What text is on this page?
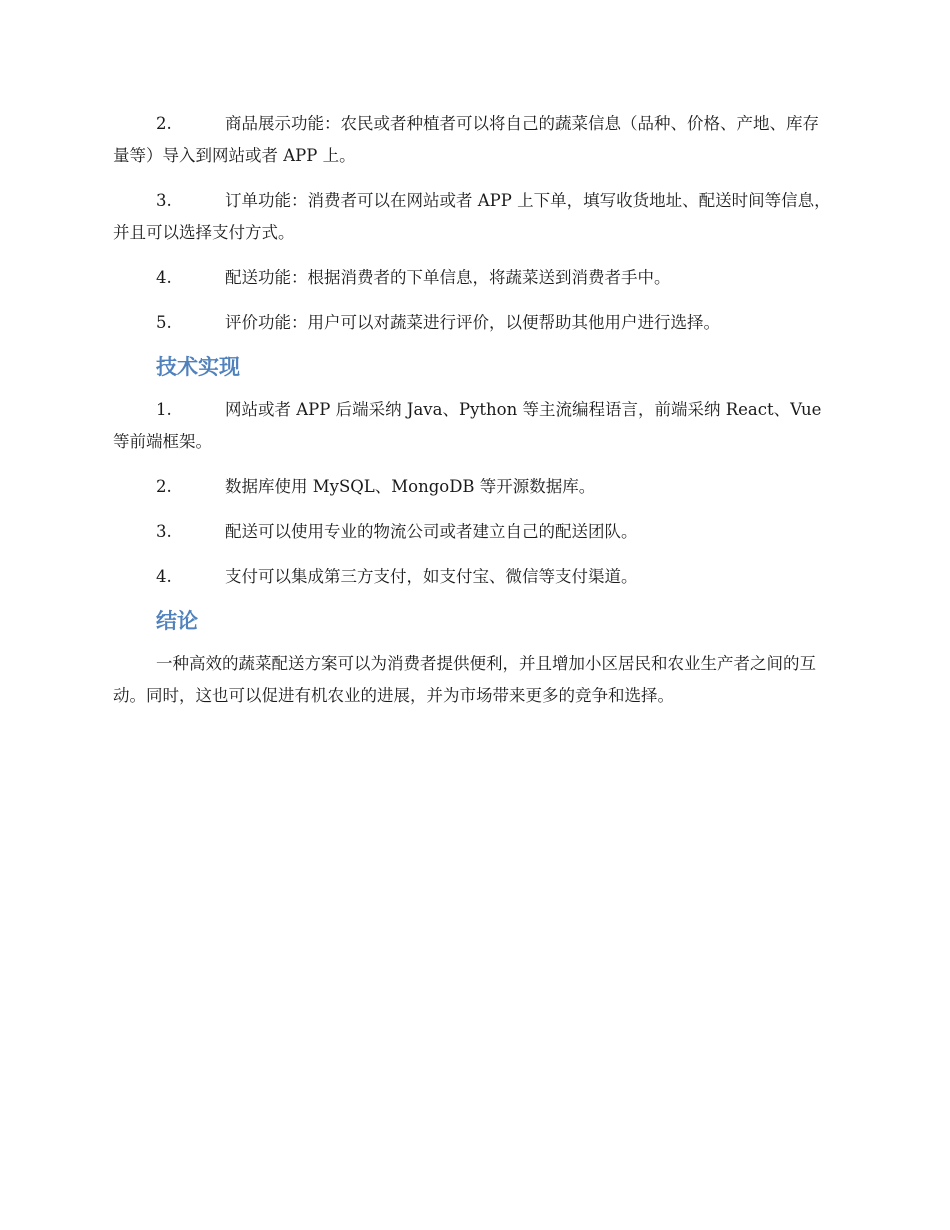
2.	商品展示功能：农民或者种植者可以将自己的蔬菜信息（品种、价格、产地、库存量等）导入到网站或者 APP 上。
3.	订单功能：消费者可以在网站或者 APP 上下单，填写收货地址、配送时间等信息，并且可以选择支付方式。
4.	配送功能：根据消费者的下单信息，将蔬菜送到消费者手中。
5.	评价功能：用户可以对蔬菜进行评价，以便帮助其他用户进行选择。
技术实现
1.	网站或者 APP 后端采纳 Java、Python 等主流编程语言，前端采纳 React、Vue 等前端框架。
2.	数据库使用 MySQL、MongoDB 等开源数据库。
3.	配送可以使用专业的物流公司或者建立自己的配送团队。
4.	支付可以集成第三方支付，如支付宝、微信等支付渠道。
结论

一种高效的蔬菜配送方案可以为消费者提供便利，并且增加小区居民和农业生产者之间的互动。同时，这也可以促进有机农业的进展，并为市场带来更多的竞争和选择。
